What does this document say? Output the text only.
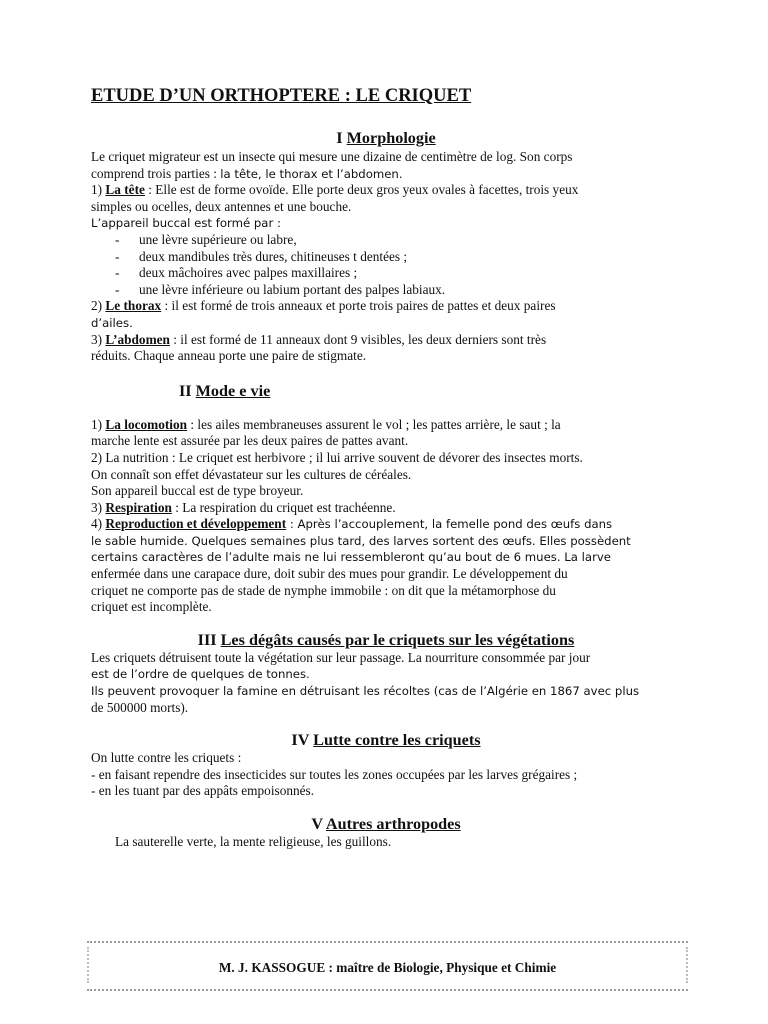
ETUDE D’UN ORTHOPTERE : LE CRIQUET
I Morphologie

Le criquet migrateur est un insecte qui mesure une dizaine de centimètre de log. Son corps

comprend trois parties : la tête, le thorax et l’abdomen.

1) La tête : Elle est de forme ovoïde. Elle porte deux gros yeux ovales à facettes, trois yeux

simples ou ocelles, deux antennes et une bouche.

L’appareil buccal est formé par :

- une lèvre supérieure ou labre,

- deux mandibules très dures, chitineuses t dentées ;

- deux mâchoires avec palpes maxillaires ;

- une lèvre inférieure ou labium portant des palpes labiaux.

2) Le thorax : il est formé de trois anneaux et porte trois paires de pattes et deux paires

d’ailes.

3) L’abdomen : il est formé de 11 anneaux dont 9 visibles, les deux derniers sont très

réduits. Chaque anneau porte une paire de stigmate.

II Mode e vie

1) La locomotion : les ailes membraneuses assurent le vol ; les pattes arrière, le saut ; la

marche lente est assurée par les deux paires de pattes avant.

2) La nutrition : Le criquet est herbivore ; il lui arrive souvent de dévorer des insectes morts.

On connaît son effet dévastateur sur les cultures de céréales.

Son appareil buccal est de type broyeur.

3) Respiration : La respiration du criquet est trachéenne.

4) Reproduction et développement : Après l’accouplement, la femelle pond des œufs dans

le sable humide. Quelques semaines plus tard, des larves sortent des œufs. Elles possèdent

certains caractères de l’adulte mais ne lui ressembleront qu’au bout de 6 mues. La larve

enfermée dans une carapace dure, doit subir des mues pour grandir. Le développement du

criquet ne comporte pas de stade de nymphe immobile : on dit que la métamorphose du

criquet est incomplète.

III Les dégâts causés par le criquets sur les végétations

Les criquets détruisent toute la végétation sur leur passage. La nourriture consommée par jour

est de l’ordre de quelques de tonnes.

Ils peuvent provoquer la famine en détruisant les récoltes (cas de l’Algérie en 1867 avec plus

de 500000 morts).

IV Lutte contre les criquets

On lutte contre les criquets :

- en faisant rependre des insecticides sur toutes les zones occupées par les larves grégaires ;

- en les tuant par des appâts empoisonnés.

V Autres arthropodes

La sauterelle verte, la mente religieuse, les guillons.

M. J. KASSOGUE : maître de Biologie, Physique et Chimie
